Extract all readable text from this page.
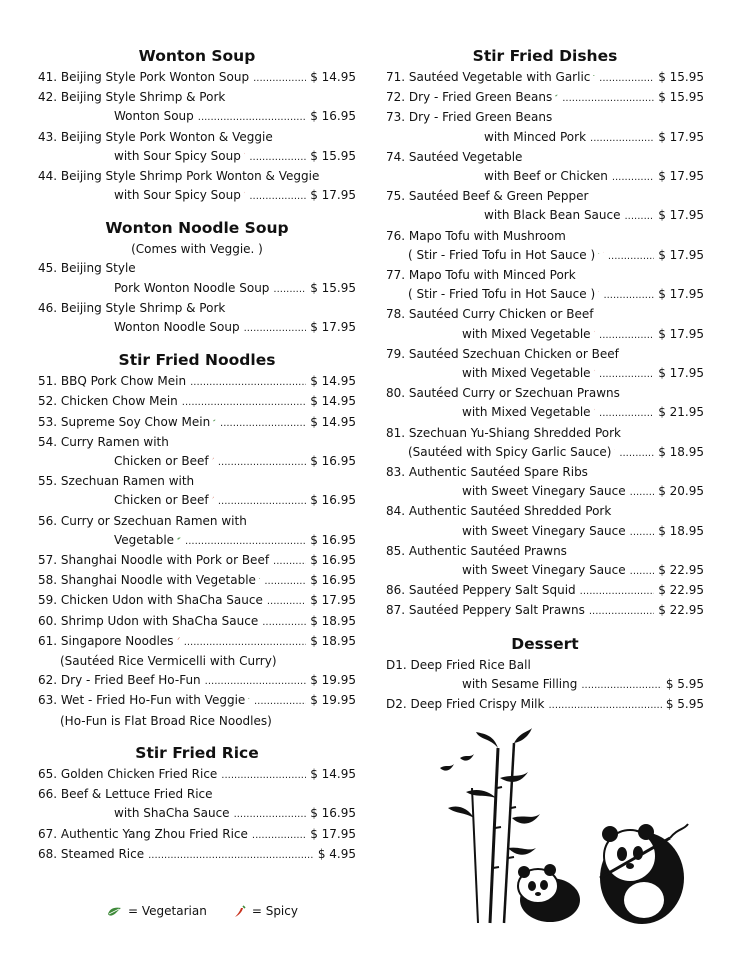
Wonton Soup
41. Beijing Style Pork Wonton Soup .....	$ 14.95
42. Beijing Style Shrimp & Pork
Wonton Soup .....	$ 16.95
43. Beijing Style Pork Wonton & Veggie
with Sour Spicy Soup .....	$ 15.95
44. Beijing Style Shrimp Pork Wonton & Veggie
with Sour Spicy Soup .....	$ 17.95
Wonton Noodle Soup
(Comes with Veggie. )
45. Beijing Style
Pork Wonton Noodle Soup .....	$ 15.95
46. Beijing Style Shrimp & Pork
Wonton Noodle Soup .....	$ 17.95
Stir Fried Noodles
51. BBQ Pork Chow Mein .....	$ 14.95
52. Chicken Chow Mein .....	$ 14.95
53. Supreme Soy Chow Mein .....	$ 14.95
54. Curry Ramen with
Chicken or Beef .....	$ 16.95
55. Szechuan Ramen with
Chicken or Beef .....	$ 16.95
56. Curry or Szechuan Ramen with
Vegetable .....	$ 16.95
57. Shanghai Noodle with Pork or Beef .....	$ 16.95
58. Shanghai Noodle with Vegetable .....	$ 16.95
59. Chicken Udon with ShaCha Sauce .....	$ 17.95
60. Shrimp Udon with ShaCha Sauce .....	$ 18.95
61. Singapore Noodles .....	$ 18.95
(Sautéed Rice Vermicelli with Curry)
62. Dry - Fried Beef Ho-Fun .....	$ 19.95
63. Wet - Fried Ho-Fun with Veggie .....	$ 19.95
(Ho-Fun is Flat Broad Rice Noodles)
Stir Fried Rice
65. Golden Chicken Fried Rice .....	$ 14.95
66. Beef & Lettuce Fried Rice
with ShaCha Sauce .....	$ 16.95
67. Authentic Yang Zhou Fried Rice .....	$ 17.95
68. Steamed Rice .....	$ 4.95
Stir Fried Dishes
71. Sautéed Vegetable with Garlic .....	$ 15.95
72. Dry - Fried Green Beans .....	$ 15.95
73. Dry - Fried Green Beans
with Minced Pork .....	$ 17.95
74. Sautéed Vegetable
with Beef or Chicken .....	$ 17.95
75. Sautéed Beef & Green Pepper
with Black Bean Sauce .....	$ 17.95
76. Mapo Tofu with Mushroom
( Stir - Fried Tofu in Hot Sauce ) .....	$ 17.95
77. Mapo Tofu with Minced Pork
( Stir - Fried Tofu in Hot Sauce ) .....	$ 17.95
78. Sautéed Curry Chicken or Beef
with Mixed Vegetable .....	$ 17.95
79. Sautéed Szechuan Chicken or Beef
with Mixed Vegetable .....	$ 17.95
80. Sautéed Curry or Szechuan Prawns
with Mixed Vegetable .....	$ 21.95
81. Szechuan Yu-Shiang Shredded Pork
(Sautéed with Spicy Garlic Sauce) .....	$ 18.95
83. Authentic Sautéed Spare Ribs
with Sweet Vinegary Sauce .....	$ 20.95
84. Authentic Sautéed Shredded Pork
with Sweet Vinegary Sauce .....	$ 18.95
85. Authentic Sautéed Prawns
with Sweet Vinegary Sauce .....	$ 22.95
86. Sautéed Peppery Salt Squid .....	$ 22.95
87. Sautéed Peppery Salt Prawns .....	$ 22.95
Dessert
D1. Deep Fried Rice Ball
with Sesame Filling .....	$ 5.95
D2. Deep Fried Crispy Milk .....	$ 5.95
= Vegetarian	= Spicy
